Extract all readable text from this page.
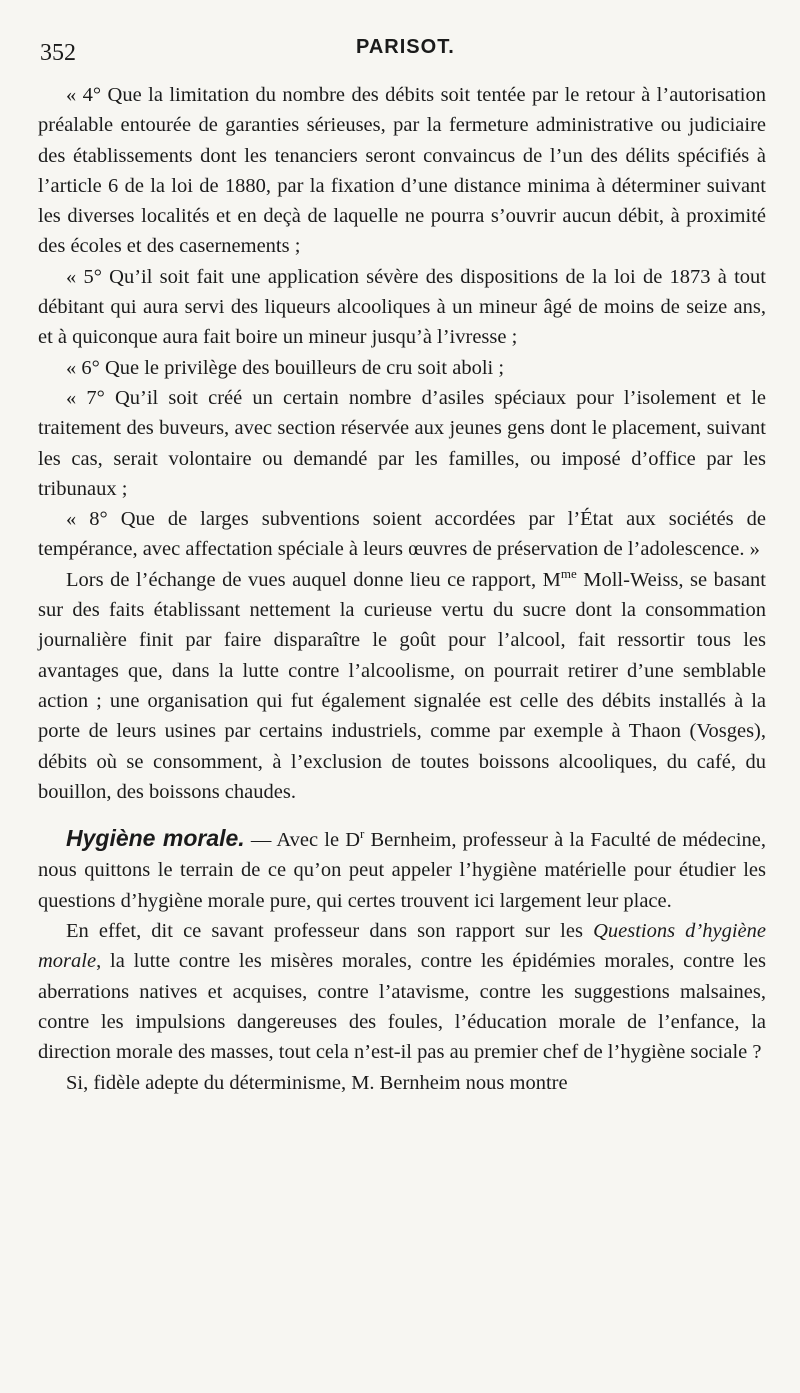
352	PARISOT.

« 4° Que la limitation du nombre des débits soit tentée par le retour à l’autorisation préalable entourée de garanties sérieuses, par la fermeture administrative ou judiciaire des établissements dont les tenanciers seront convaincus de l’un des délits spécifiés à l’article 6 de la loi de 1880, par la fixation d’une distance minima à déterminer suivant les diverses localités et en deçà de laquelle ne pourra s’ouvrir aucun débit, à proximité des écoles et des casernements ;

« 5° Qu’il soit fait une application sévère des dispositions de la loi de 1873 à tout débitant qui aura servi des liqueurs alcooliques à un mineur âgé de moins de seize ans, et à quiconque aura fait boire un mineur jusqu’à l’ivresse ;

« 6° Que le privilège des bouilleurs de cru soit aboli ;

« 7° Qu’il soit créé un certain nombre d’asiles spéciaux pour l’isolement et le traitement des buveurs, avec section réservée aux jeunes gens dont le placement, suivant les cas, serait volontaire ou demandé par les familles, ou imposé d’office par les tribunaux ;

« 8° Que de larges subventions soient accordées par l’État aux sociétés de tempérance, avec affectation spéciale à leurs œuvres de préservation de l’adolescence. »

Lors de l’échange de vues auquel donne lieu ce rapport, $M^{me}$ Moll-Weiss, se basant sur des faits établissant nettement la curieuse vertu du sucre dont la consommation journalière finit par faire disparaître le goût pour l’alcool, fait ressortir tous les avantages que, dans la lutte contre l’alcoolisme, on pourrait retirer d’une semblable action ; une organisation qui fut également signalée est celle des débits installés à la porte de leurs usines par certains industriels, comme par exemple à Thaon (Vosges), débits où se consomment, à l’exclusion de toutes boissons alcooliques, du café, du bouillon, des boissons chaudes.

Hygiène morale. — Avec le $D^r$ Bernheim, professeur à la Faculté de médecine, nous quittons le terrain de ce qu’on peut appeler l’hygiène matérielle pour étudier les questions d’hygiène morale pure, qui certes trouvent ici largement leur place.

En effet, dit ce savant professeur dans son rapport sur les Questions d’hygiène morale, la lutte contre les misères morales, contre les épidémies morales, contre les aberrations natives et acquises, contre l’atavisme, contre les suggestions malsaines, contre les impulsions dangereuses des foules, l’éducation morale de l’enfance, la direction morale des masses, tout cela n’est-il pas au premier chef de l’hygiène sociale ?

Si, fidèle adepte du déterminisme, M. Bernheim nous montre
